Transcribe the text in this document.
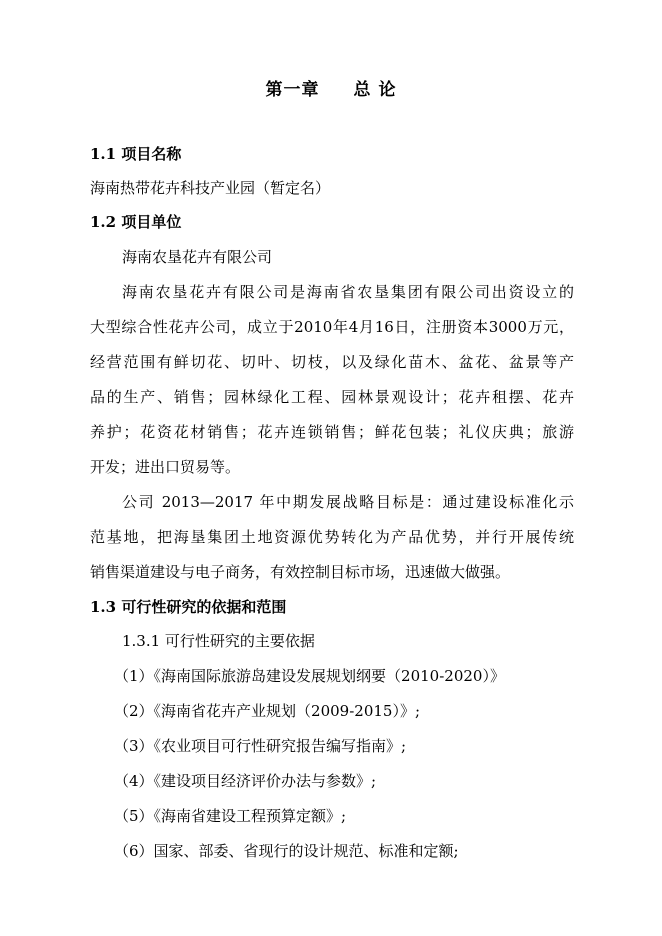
第一章 总 论
1.1 项目名称
海南热带花卉科技产业园（暂定名）
1.2 项目单位
海南农垦花卉有限公司
海南农垦花卉有限公司是海南省农垦集团有限公司出资设立的
大型综合性花卉公司，成立于2010年4月16日，注册资本3000万元，
经营范围有鲜切花、切叶、切枝，以及绿化苗木、盆花、盆景等产
品的生产、销售；园林绿化工程、园林景观设计；花卉租摆、花卉
养护；花资花材销售；花卉连锁销售；鲜花包装；礼仪庆典；旅游
开发；进出口贸易等。
公司 2013—2017 年中期发展战略目标是：通过建设标准化示
范基地，把海垦集团土地资源优势转化为产品优势，并行开展传统
销售渠道建设与电子商务，有效控制目标市场，迅速做大做强。
1.3 可行性研究的依据和范围
1.3.1 可行性研究的主要依据
（1）《海南国际旅游岛建设发展规划纲要（2010-2020）》
（2）《海南省花卉产业规划（2009-2015）》;
（3）《农业项目可行性研究报告编写指南》;
（4）《建设项目经济评价办法与参数》;
（5）《海南省建设工程预算定额》;
（6）国家、部委、省现行的设计规范、标准和定额;
